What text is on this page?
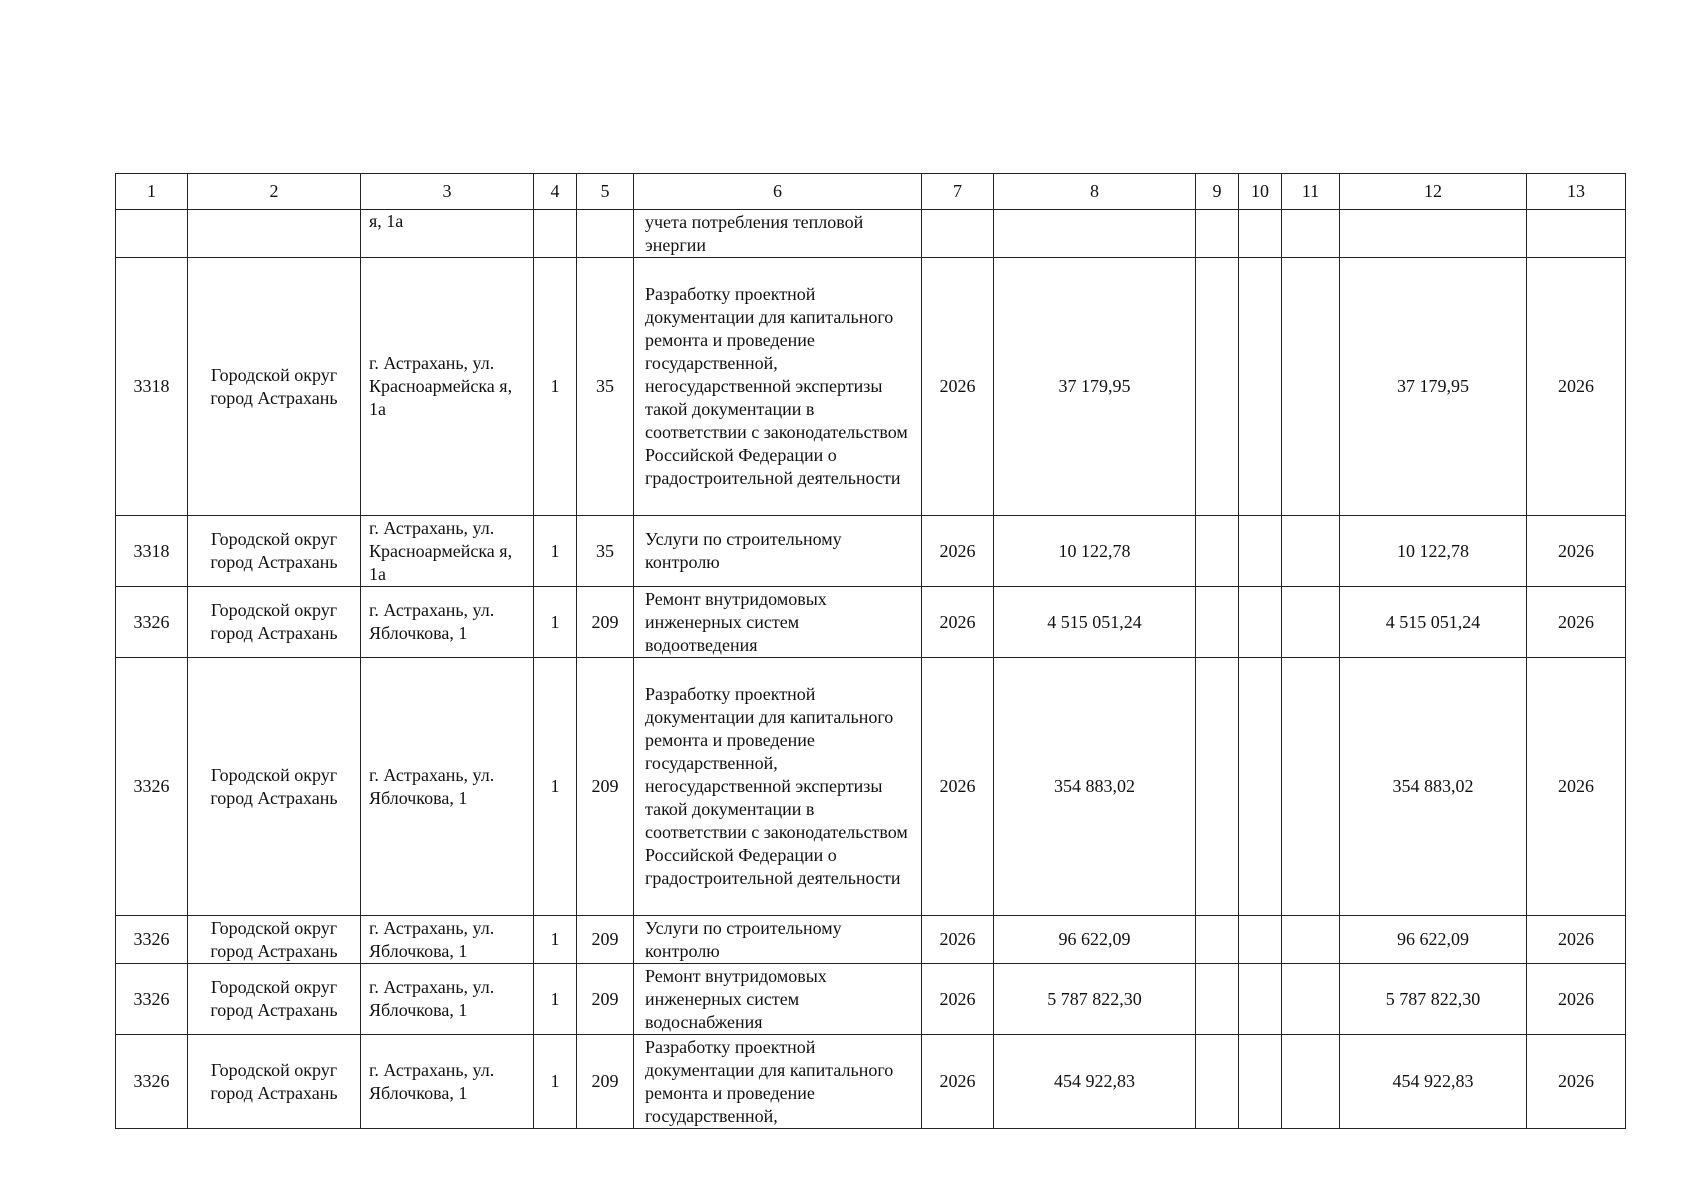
1	2	3	4	5	6	7	8	9	10	11	12	13
		я, 1а			учета потребления тепловой энергии							
3318	Городской округ город Астрахань	г. Астрахань, ул. Красноармейска я, 1а	1	35	Разработку проектной документации для капитального ремонта и проведение государственной, негосударственной экспертизы такой документации в соответствии с законодательством Российской Федерации о градостроительной деятельности	2026	37 179,95				37 179,95	2026
3318	Городской округ город Астрахань	г. Астрахань, ул. Красноармейска я, 1а	1	35	Услуги по строительному контролю	2026	10 122,78				10 122,78	2026
3326	Городской округ город Астрахань	г. Астрахань, ул. Яблочкова, 1	1	209	Ремонт внутридомовых инженерных систем водоотведения	2026	4 515 051,24				4 515 051,24	2026
3326	Городской округ город Астрахань	г. Астрахань, ул. Яблочкова, 1	1	209	Разработку проектной документации для капитального ремонта и проведение государственной, негосударственной экспертизы такой документации в соответствии с законодательством Российской Федерации о градостроительной деятельности	2026	354 883,02				354 883,02	2026
3326	Городской округ город Астрахань	г. Астрахань, ул. Яблочкова, 1	1	209	Услуги по строительному контролю	2026	96 622,09				96 622,09	2026
3326	Городской округ город Астрахань	г. Астрахань, ул. Яблочкова, 1	1	209	Ремонт внутридомовых инженерных систем водоснабжения	2026	5 787 822,30				5 787 822,30	2026
3326	Городской округ город Астрахань	г. Астрахань, ул. Яблочкова, 1	1	209	Разработку проектной документации для капитального ремонта и проведение государственной,	2026	454 922,83				454 922,83	2026
